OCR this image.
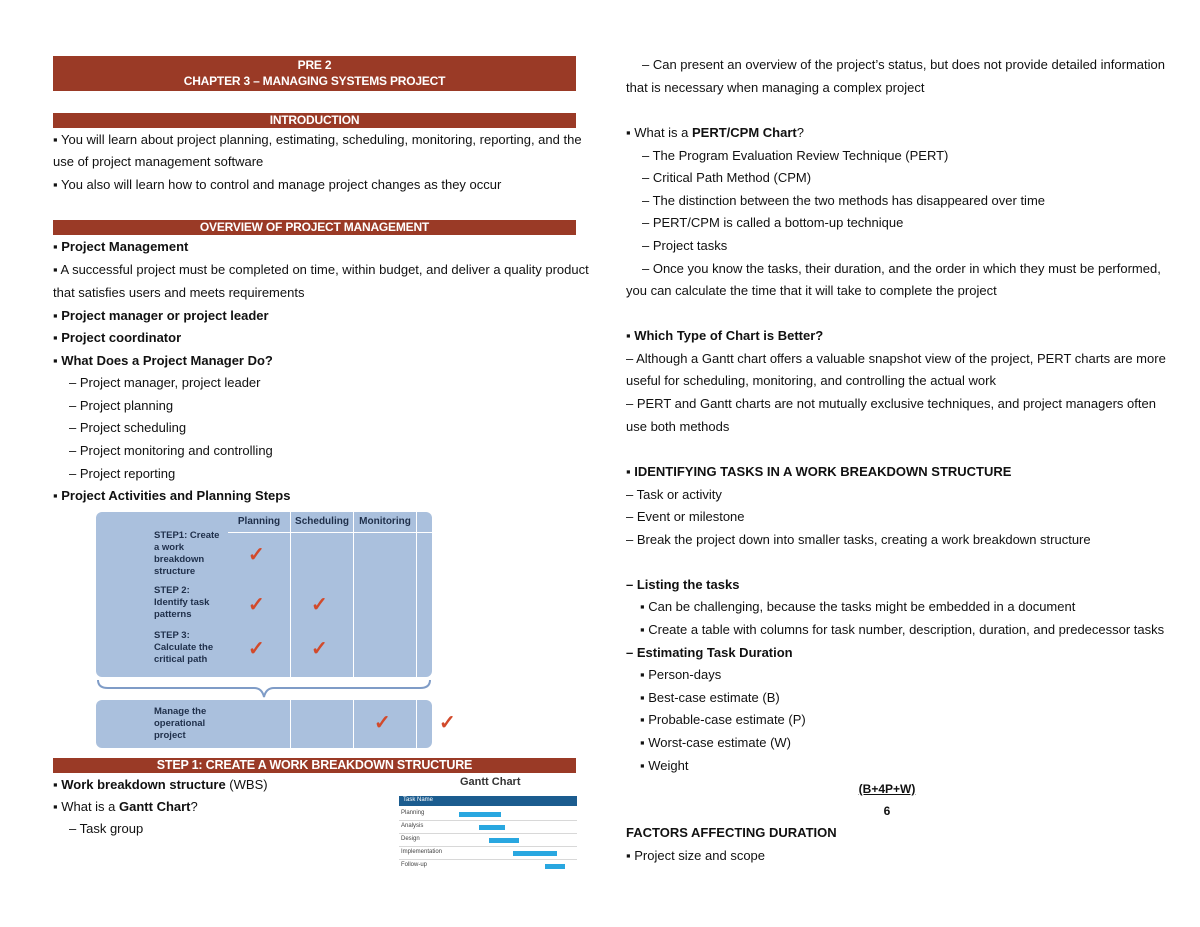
PRE 2
CHAPTER 3 – MANAGING SYSTEMS PROJECT
INTRODUCTION
▪ You will learn about project planning, estimating, scheduling, monitoring, reporting, and the
use of project management software
▪ You also will learn how to control and manage project changes as they occur
OVERVIEW OF PROJECT MANAGEMENT
▪ Project Management
▪ A successful project must be completed on time, within budget, and deliver a quality product
that satisfies users and meets requirements
▪ Project manager or project leader
▪ Project coordinator
▪ What Does a Project Manager Do?
– Project manager, project leader
– Project planning
– Project scheduling
– Project monitoring and controlling
– Project reporting
▪ Project Activities and Planning Steps
STEP 1: CREATE A WORK BREAKDOWN STRUCTURE
▪ Work breakdown structure (WBS)
▪ What is a Gantt Chart?
– Task group
Planning	Scheduling	Monitoring
STEP1: Create a work breakdown structure
STEP 2: Identify task patterns
STEP 3: Calculate the critical path
✓
✓ ✓
✓ ✓
Manage the operational project
✓ ✓
Gantt Chart
Task Name
Planning
Analysis
Design
Implementation
Follow-up
– Can present an overview of the project’s status, but does not provide detailed information
that is necessary when managing a complex project
▪ What is a PERT/CPM Chart?
– The Program Evaluation Review Technique (PERT)
– Critical Path Method (CPM)
– The distinction between the two methods has disappeared over time
– PERT/CPM is called a bottom-up technique
– Project tasks
– Once you know the tasks, their duration, and the order in which they must be performed,
you can calculate the time that it will take to complete the project
▪ Which Type of Chart is Better?
– Although a Gantt chart offers a valuable snapshot view of the project, PERT charts are more
useful for scheduling, monitoring, and controlling the actual work
– PERT and Gantt charts are not mutually exclusive techniques, and project managers often
use both methods
▪ IDENTIFYING TASKS IN A WORK BREAKDOWN STRUCTURE
– Task or activity
– Event or milestone
– Break the project down into smaller tasks, creating a work breakdown structure
– Listing the tasks
▪ Can be challenging, because the tasks might be embedded in a document
▪ Create a table with columns for task number, description, duration, and predecessor tasks
– Estimating Task Duration
▪ Person-days
▪ Best-case estimate (B)
▪ Probable-case estimate (P)
▪ Worst-case estimate (W)
▪ Weight
(B+4P+W)
6
FACTORS AFFECTING DURATION
▪ Project size and scope
